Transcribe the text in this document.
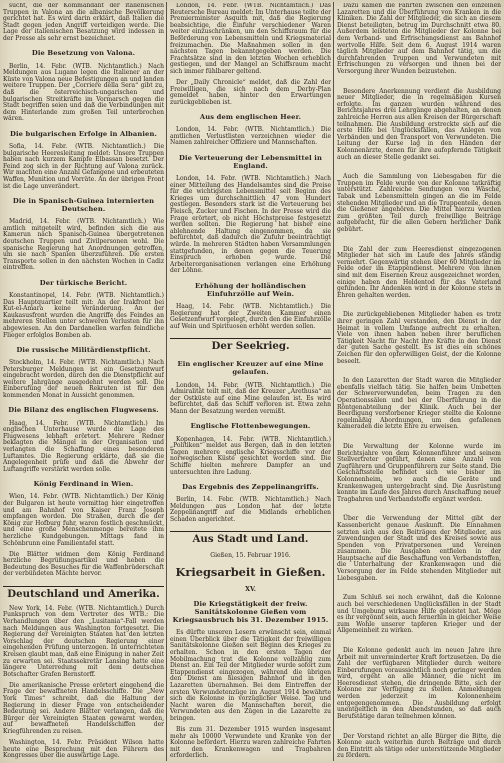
sucht, die der Kommandant der italienischen Truppen in Valona an die albanische Bevölkerung gerichtet hat. Es wird darin erklärt, daß Italien die Stadt gegen jeden Angriff verteidigen werde. Die Lage der italienischen Besatzung wird indessen in der Presse als sehr ernst bezeichnet.
Die Besetzung von Valona.
Berlin, 14. Febr. (WTB. Nichtamtlich.) Nach Meldungen aus Lugano legen die Italiener an der Küste von Valona neue Befestigungen an und landen weitere Truppen. Der „Corriere della Sera“ gibt zu, daß die österreichisch-ungarischen und bulgarischen Streitkräfte im Vormarsch gegen die Stadt begriffen seien und daß die Verbindungen mit dem Hinterlande zum großen Teil unterbrochen wären.
Die bulgarischen Erfolge in Albanien.
Sofia, 14. Febr. (WTB. Nichtamtlich.) Die bulgarische Heeresleitung meldet: Unsere Truppen haben nach kurzem Kampfe Elbassan besetzt. Der Feind zog sich in der Richtung auf Valona zurück. Wir machten eine Anzahl Gefangene und erbeuteten Waffen, Munition und Vorräte. An der übrigen Front ist die Lage unverändert.
Die in Spanisch-Guinea internierten Deutschen.
Madrid, 14. Febr. (WTB. Nichtamtlich.) Wie amtlich mitgeteilt wird, befinden sich die aus Kamerun nach Spanisch-Guinea übergetretenen deutschen Truppen und Zivilpersonen wohl. Die spanische Regierung hat Anordnungen getroffen, um sie nach Spanien überzuführen. Die ersten Transporte sollen in den nächsten Wochen in Cadiz eintreffen.
Der türkische Bericht.
Konstantinopel, 14. Febr. (WTB. Nichtamtlich.) Das Hauptquartier teilt mit: An der Irakfront bei Kut-el-Amara keine Veränderung. An der Kaukasusfront wurden die Angriffe des Feindes an mehreren Stellen unter schweren Verlusten für ihn abgewiesen. An den Dardanellen warfen feindliche Flieger erfolglos Bomben ab.
Die russische Militärdienstpflicht.
Stockholm, 14. Febr. (WTB. Nichtamtlich.) Nach Petersburger Meldungen ist ein Gesetzentwurf eingebracht worden, durch den die Dienstpflicht auf weitere Jahrgänge ausgedehnt werden soll. Die Einberufung der neuen Rekruten ist für den kommenden Monat in Aussicht genommen.
Die Bilanz des englischen Flugwesens.
Haag, 14. Febr. (WTB. Nichtamtlich.) Im englischen Unterhause wurde die Lage des Flugwesens lebhaft erörtert. Mehrere Redner beklagten die Mängel in der Organisation und verlangten die Schaffung eines besonderen Luftamtes. Die Regierung erklärte, daß sie die Angelegenheit prüfe und daß die Abwehr der Luftangriffe verstärkt werden solle.
König Ferdinand in Wien.
Wien, 14. Febr. (WTB. Nichtamtlich.) Der König der Bulgaren ist heute vormittag hier eingetroffen und am Bahnhof von Kaiser Franz Joseph empfangen worden. Die Straßen, durch die der König zur Hofburg fuhr, waren festlich geschmückt, und eine große Menschenmenge bereitete ihm herzliche Kundgebungen. Mittags fand in Schönbrunn eine Familientafel statt.
Die Blätter widmen dem König Ferdinand herzliche Begrüßungsartikel und heben die Bedeutung des Besuches für die Waffenbrüderschaft der verbündeten Mächte hervor.
Deutschland und Amerika.
New York, 14. Febr. (WTB. Nichtamtlich.) Durch Funkspruch von dem Vertreter des WTB.: Die Verhandlungen über den „Lusitania“-Fall werden nach Meldungen aus Washington fortgesetzt. Die Regierung der Vereinigten Staaten hat den letzten Vorschlag der deutschen Regierung einer eingehenden Prüfung unterzogen. In unterrichteten Kreisen glaubt man, daß eine Einigung in naher Zeit zu erwarten sei. Staatssekretär Lansing hatte eine längere Unterredung mit dem deutschen Botschafter Grafen Bernstorff.
Die amerikanische Presse erörtert eingehend die Frage der bewaffneten Handelsschiffe. Die „New York Times“ schreibt, daß die Haltung der Regierung in dieser Frage von entscheidender Bedeutung sei. Andere Blätter verlangen, daß die Bürger der Vereinigten Staaten gewarnt werden, auf bewaffneten Handelsschiffen der Kriegführenden zu reisen.
Washington, 14. Febr. Präsident Wilson hatte heute eine Besprechung mit den Führern des Kongresses über die auswärtige Lage.
London, 14. Febr. (WTB. Nichtamtlich.) Das Reutersche Bureau meldet: Im Unterhause teilte der Premierminister Asquith mit, daß die Regierung beabsichtige, die Einfuhr verschiedener Waren weiter einzuschränken, um den Schiffsraum für die Beförderung von Lebensmitteln und Kriegsmaterial freizumachen. Die Maßnahmen sollen in den nächsten Tagen bekanntgegeben werden. Die Frachtsätze sind in den letzten Wochen erheblich gestiegen, und der Mangel an Schiffsraum macht sich immer fühlbarer geltend.
Der „Daily Chronicle“ meldet, daß die Zahl der Freiwilligen, die sich nach dem Derby-Plan gemeldet haben, hinter den Erwartungen zurückgeblieben ist.
Aus dem englischen Heer.
London, 14. Febr. (WTB. Nichtamtlich.) Die amtlichen Verlustlisten verzeichnen wieder die Namen zahlreicher Offiziere und Mannschaften.
Die Verteuerung der Lebensmittel in England.
London, 14. Febr. (WTB. Nichtamtlich.) Nach einer Mitteilung des Handelsamtes sind die Preise für die wichtigsten Lebensmittel seit Beginn des Krieges um durchschnittlich 47 vom Hundert gestiegen. Besonders stark ist die Verteuerung bei Fleisch, Zucker und Fischen. In der Presse wird die Frage erörtert, ob nicht Höchstpreise festgesetzt werden sollten. Die Regierung hat bisher eine ablehnende Haltung eingenommen, da sie befürchtet, daß dadurch die Zufuhr beeinträchtigt würde. In mehreren Städten haben Versammlungen stattgefunden, in denen gegen die Teuerung Einspruch erhoben wurde. Die Arbeiterorganisationen verlangen eine Erhöhung der Löhne.
Erhöhung der holländischen Einfuhrzölle auf Wein.
Haag, 14. Febr. (WTB. Nichtamtlich.) Die Regierung hat der Zweiten Kammer einen Gesetzentwurf vorgelegt, durch den die Einfuhrzölle auf Wein und Spirituosen erhöht werden sollen.
Der Seekrieg.
Ein englischer Kreuzer auf eine Mine gelaufen.
London, 14. Febr. (WTB. Nichtamtlich.) Die Admiralität teilt mit, daß der Kreuzer „Arethusa“ an der Ostküste auf eine Mine gelaufen ist. Es wird befürchtet, daß das Schiff verloren ist. Etwa zehn Mann der Besatzung werden vermißt.
Englische Flottenbewegungen.
Kopenhagen, 14. Febr. (WTB. Nichtamtlich.) „Politiken“ meldet aus Bergen, daß in den letzten Tagen mehrere englische Kriegsschiffe vor der norwegischen Küste gesichtet worden sind. Die Schiffe hielten mehrere Dampfer an und untersuchten ihre Ladung.
Das Ergebnis des Zeppelinangriffs.
Berlin, 14. Febr. (WTB. Nichtamtlich.) Nach Meldungen aus London hat der letzte Zeppelinangriff auf die Midlands erheblichen Schaden angerichtet.
Aus Stadt und Land.
Gießen, 15. Februar 1916.
Kriegsarbeit in Gießen.
XV.
Die Kriegstätigkeit der freiw. Sanitätskolonne Gießen vom Kriegsausbruch bis 31. Dezember 1915.
Es dürfte unseren Lesern erwünscht sein, einmal einen Überblick über die Tätigkeit der freiwilligen Sanitätskolonne Gießen seit Beginn des Krieges zu erhalten. Schon in den ersten Tagen der Mobilmachung trat die Kolonne vollzählig zum Dienst an. Ein Teil der Mitglieder wurde sofort zum Etappendienst eingezogen, während die übrigen den Dienst am hiesigen Bahnhof und in den Lazaretten übernahmen. Bei dem Eintreffen der ersten Verwundetenzüge im August 1914 bewährte sich die Kolonne in vorzüglicher Weise. Tag und Nacht waren die Mannschaften bereit, die Verwundeten aus den Zügen in die Lazarette zu bringen.
Bis zum 31. Dezember 1915 wurden insgesamt mehr als 10000 Verwundete und Kranke von der Kolonne befördert. Hierzu waren zahlreiche Fahrten mit den Krankenwagen und Tragbahren erforderlich.
Dazu kamen die Fahrten zwischen den einzelnen Lazaretten und die Überführung von Kranken in die Kliniken. Die Zahl der Mitglieder, die sich an diesem Dienst beteiligten, betrug im Durchschnitt etwa 80. Außerdem leisteten die Mitglieder der Kolonne bei dem Verband- und Erfrischungsdienst am Bahnhof wertvolle Hilfe. Seit dem 6. August 1914 waren täglich Mitglieder auf dem Bahnhof tätig, um die durchfahrenden Truppen und Verwundeten mit Erfrischungen zu versorgen und ihnen bei der Versorgung ihrer Wunden beizustehen.
Besondere Anerkennung verdient die Ausbildung neuer Mitglieder, die in regelmäßigen Kursen erfolgte. Im ganzen wurden während des Berichtsjahres drei Lehrgänge abgehalten, an denen zahlreiche Herren aus allen Kreisen der Bürgerschaft teilnahmen. Die Ausbildung erstreckte sich auf die erste Hilfe bei Unglücksfällen, das Anlegen von Verbänden und den Transport von Verwundeten. Die Leitung der Kurse lag in den Händen der Kolonnenärzte, denen für ihre aufopfernde Tätigkeit auch an dieser Stelle gedankt sei.
Auch die Sammlung von Liebesgaben für die Truppen im Felde wurde von der Kolonne tatkräftig unterstützt. Zahlreiche Sendungen von Wäsche, Tabak und Lebensmitteln gingen an die im Felde stehenden Mitglieder und an die Truppenteile, denen die Gießener angehören. Die Mittel hierzu wurden zum größten Teil durch freiwillige Beiträge aufgebracht, für die allen Gebern herzlicher Dank gebührt.
Die Zahl der zum Heeresdienst eingezogenen Mitglieder hat sich im Laufe des Jahres ständig vermehrt. Gegenwärtig stehen über 60 Mitglieder im Felde oder im Etappendienst. Mehrere von ihnen sind mit dem Eisernen Kreuz ausgezeichnet worden, einige haben den Heldentod für das Vaterland gefunden. Ihr Andenken wird in der Kolonne stets in Ehren gehalten werden.
Die zurückgebliebenen Mitglieder haben es trotz ihrer geringen Zahl verstanden, den Dienst in der Heimat in vollem Umfange aufrecht zu erhalten. Viele von ihnen haben neben ihrer beruflichen Tätigkeit Nacht für Nacht ihre Kräfte in den Dienst der guten Sache gestellt. Es ist dies ein schönes Zeichen für den opferwilligen Geist, der die Kolonne beseelt.
In den Lazaretten der Stadt waren die Mitglieder ebenfalls vielfach tätig. Sie halfen beim Umbetten der Schwerverwundeten, beim Tragen zu den Operationssälen und bei der Überführung in die Röntgenabteilung der Klinik. Auch bei der Beerdigung verstorbener Krieger stellte die Kolonne regelmäßig Abordnungen, um den gefallenen Kameraden die letzte Ehre zu erweisen.
Die Verwaltung der Kolonne wurde im Berichtsjahre von dem Kolonnenführer und seinem Stellvertreter geführt, denen eine Anzahl von Zugführern und Gruppenführern zur Seite stand. Die Geschäftsstelle befindet sich wie bisher im Kolonnenheim, wo auch die Geräte und Krankenwagen untergebracht sind. Die Ausrüstung konnte im Laufe des Jahres durch Anschaffung neuer Tragbahren und Verbandstoffe ergänzt werden.
Über die Verwendung der Mittel gibt der Kassenbericht genaue Auskunft. Die Einnahmen setzten sich aus den Beiträgen der Mitglieder, aus Zuwendungen der Stadt und des Kreises sowie aus Spenden von Privatpersonen und Vereinen zusammen. Die Ausgaben entfielen in der Hauptsache auf die Beschaffung von Verbandstoffen, die Unterhaltung der Krankenwagen und die Versorgung der im Felde stehenden Mitglieder mit Liebesgaben.
Zum Schluß sei noch erwähnt, daß die Kolonne auch bei verschiedenen Unglücksfällen in der Stadt und Umgebung wirksame Hilfe geleistet hat. Möge es ihr vergönnt sein, auch fernerhin in gleicher Weise zum Wohle unserer tapferen Krieger und der Allgemeinheit zu wirken.
Die Kolonne gedenkt auch im neuen Jahre ihre Arbeit mit unverminderter Kraft fortzusetzen. Da die Zahl der verfügbaren Mitglieder durch weitere Einberufungen voraussichtlich noch geringer werden wird, ergeht an alle Männer, die nicht im Heeresdienst stehen, die dringende Bitte, sich der Kolonne zur Verfügung zu stellen. Anmeldungen werden jederzeit im Kolonnenheim entgegengenommen. Die Ausbildung erfolgt unentgeltlich in den Abendstunden, so daß auch Berufstätige daran teilnehmen können.
Der Vorstand richtet an alle Bürger die Bitte, die Kolonne auch weiterhin durch Beiträge und durch den Eintritt als tätige oder unterstützende Mitglieder zu fördern.
